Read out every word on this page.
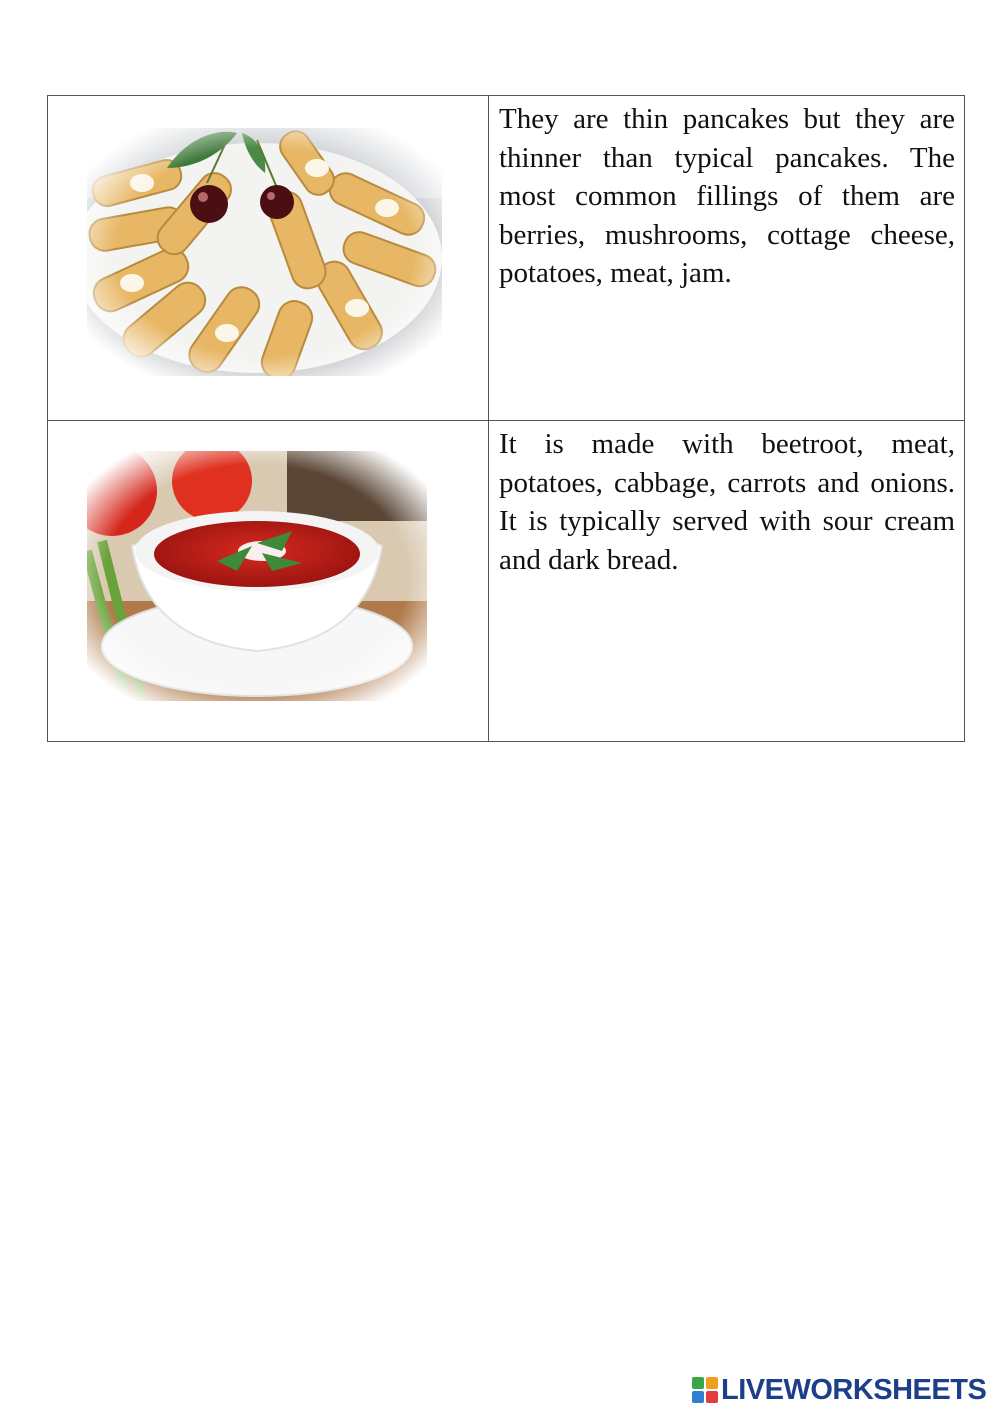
They are thin pancakes but they are thinner than typical pancakes. The most common fillings of them are berries, mushrooms, cottage cheese, potatoes, meat, jam.

It is made with beetroot, meat, potatoes, cabbage, carrots and onions. It is typically served with sour cream and dark bread.

LIVEWORKSHEETS
